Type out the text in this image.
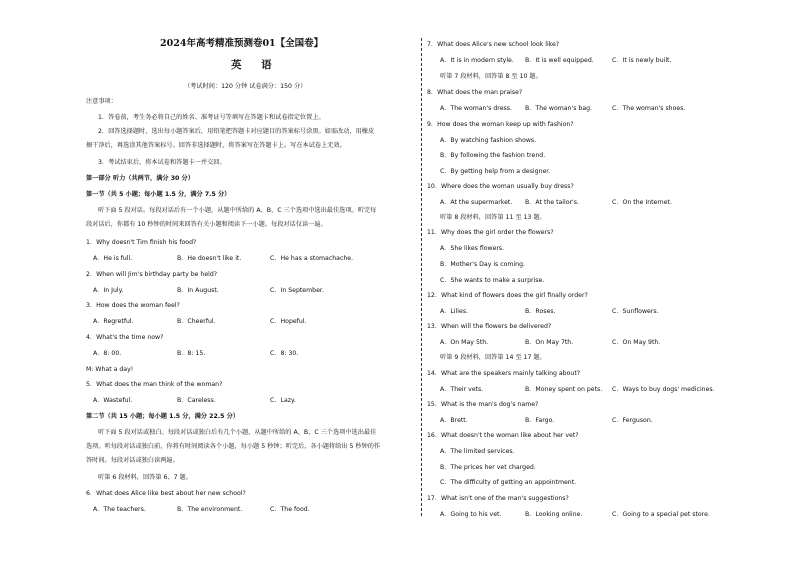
2024年高考精准预测卷01【全国卷】
英 语
（考试时间：120 分钟 试卷满分：150 分）
注意事项：
1．答卷前，考生务必将自己的姓名、准考证号等填写在答题卡和试卷指定位置上。
2．回答选择题时，选出每小题答案后，用铅笔把答题卡对应题目的答案标号涂黑。如需改动，用橡皮
擦干净后，再选涂其他答案标号。回答非选择题时，将答案写在答题卡上。写在本试卷上无效。
3．考试结束后，将本试卷和答题卡一并交回。
第一部分 听力（共两节，满分 30 分）
第一节（共 5 小题；每小题 1.5 分，满分 7.5 分）
听下面 5 段对话。每段对话后有一个小题，从题中所给的 A、B、C 三个选项中选出最佳选项。听完每
段对话后，你都有 10 秒钟的时间来回答有关小题和阅读下一小题。每段对话仅读一遍。
1．Why doesn't Tim finish his food?
A．He is full.	B．He doesn't like it.	C．He has a stomachache.
2．When will Jim's birthday party be held?
A．In July.	B．In August.	C．In September.
3．How does the woman feel?
A．Regretful.	B．Cheerful.	C．Hopeful.
4．What's the time now?
A．8: 00.	B．8: 15.	C．8: 30.
M: What a day!
5．What does the man think of the woman?
A．Wasteful.	B．Careless.	C．Lazy.
第二节（共 15 小题；每小题 1.5 分，满分 22.5 分）
听下面 5 段对话或独白。每段对话或独白后有几个小题，从题中所给的 A、B、C 三个选项中选出最佳
选项。听每段对话或独白前，你将有时间阅读各个小题，每小题 5 秒钟；听完后，各小题将给出 5 秒钟的作
答时间。每段对话或独白读两遍。
听第 6 段材料，回答第 6、7 题。
6．What does Alice like best about her new school?
A．The teachers.	B．The environment.	C．The food.
7．What does Alice's new school look like?
A．It is in modern style. B．It is well equipped.	C．It is newly built.
听第 7 段材料，回答第 8 至 10 题。
8．What does the man praise?
A．The woman's dress. B．The woman's bag.	C．The woman's shoes.
9．How does the woman keep up with fashion?
A．By watching fashion shows.
B．By following the fashion trend.
C．By getting help from a designer.
10．Where does the woman usually buy dress?
A．At the supermarket. B．At the tailor's.	C．On the Internet.
听第 8 段材料，回答第 11 至 13 题。
11．Why does the girl order the flowers?
A．She likes flowers.
B．Mother's Day is coming.
C．She wants to make a surprise.
12．What kind of flowers does the girl finally order?
A．Lilies.	B．Roses.	C．Sunflowers.
13．When will the flowers be delivered?
A．On May 5th.	B．On May 7th.	C．On May 9th.
听第 9 段材料，回答第 14 至 17 题。
14．What are the speakers mainly talking about?
A．Their vets.	B．Money spent on pets. C．Ways to buy dogs' medicines.
15．What is the man's dog's name?
A．Brett.	B．Fargo.	C．Ferguson.
16．What doesn't the woman like about her vet?
A．The limited services.
B．The prices her vet charged.
C．The difficulty of getting an appointment.
17．What isn't one of the man's suggestions?
A．Going to his vet.	B．Looking online.	C．Going to a special pet store.
